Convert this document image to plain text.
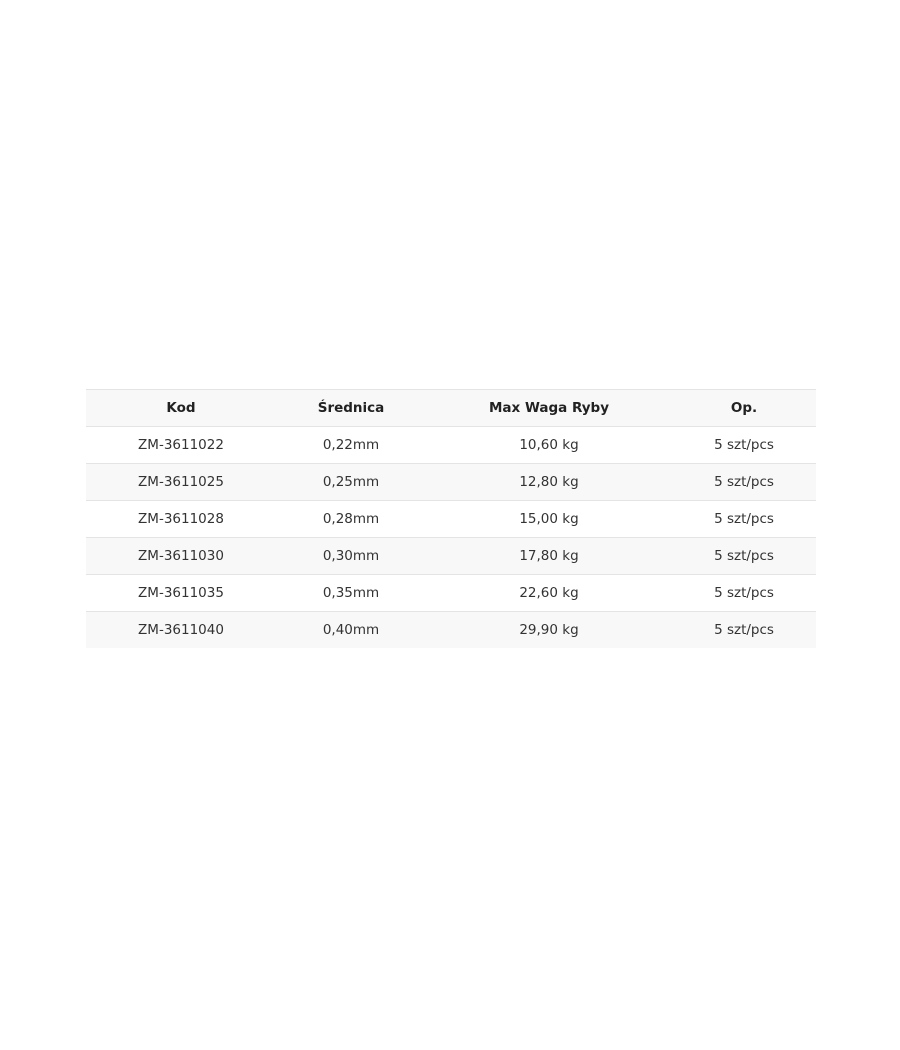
Kod	Średnica	Max Waga Ryby	Op.
ZM-3611022	0,22mm	10,60 kg	5 szt/pcs
ZM-3611025	0,25mm	12,80 kg	5 szt/pcs
ZM-3611028	0,28mm	15,00 kg	5 szt/pcs
ZM-3611030	0,30mm	17,80 kg	5 szt/pcs
ZM-3611035	0,35mm	22,60 kg	5 szt/pcs
ZM-3611040	0,40mm	29,90 kg	5 szt/pcs
